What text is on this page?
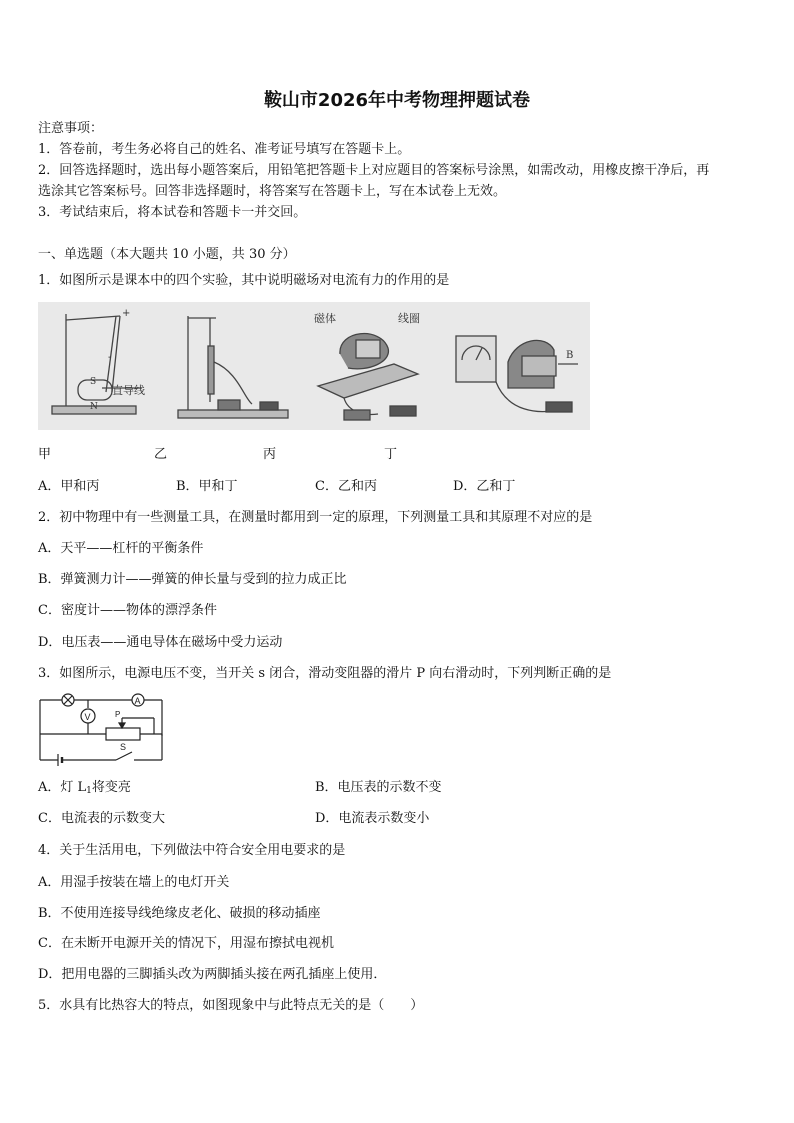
鞍山市2026年中考物理押题试卷
注意事项：
1．答卷前，考生务必将自己的姓名、准考证号填写在答题卡上。
2．回答选择题时，选出每小题答案后，用铅笔把答题卡上对应题目的答案标号涂黑，如需改动，用橡皮擦干净后，再
选涂其它答案标号。回答非选择题时，将答案写在答题卡上，写在本试卷上无效。
3．考试结束后，将本试卷和答题卡一并交回。
一、单选题（本大题共 10 小题，共 30 分）
1．如图所示是课本中的四个实验，其中说明磁场对电流有力的作用的是
+
-
S
N
直导线
磁体	线圈
B
甲	乙	丙	丁
A．甲和丙	B．甲和丁	C．乙和丙	D．乙和丁
2．初中物理中有一些测量工具，在测量时都用到一定的原理，下列测量工具和其原理不对应的是
A．天平——杠杆的平衡条件
B．弹簧测力计——弹簧的伸长量与受到的拉力成正比
C．密度计——物体的漂浮条件
D．电压表——通电导体在磁场中受力运动
3．如图所示，电源电压不变，当开关 s 闭合，滑动变阻器的滑片 P 向右滑动时，下列判断正确的是
V
A
P
S
A．灯 L1将变亮	B．电压表的示数不变
C．电流表的示数变大	D．电流表示数变小
4．关于生活用电，下列做法中符合安全用电要求的是
A．用湿手按装在墙上的电灯开关
B．不使用连接导线绝缘皮老化、破损的移动插座
C．在未断开电源开关的情况下，用湿布擦拭电视机
D．把用电器的三脚插头改为两脚插头接在两孔插座上使用．
5．水具有比热容大的特点，如图现象中与此特点无关的是（　　）
